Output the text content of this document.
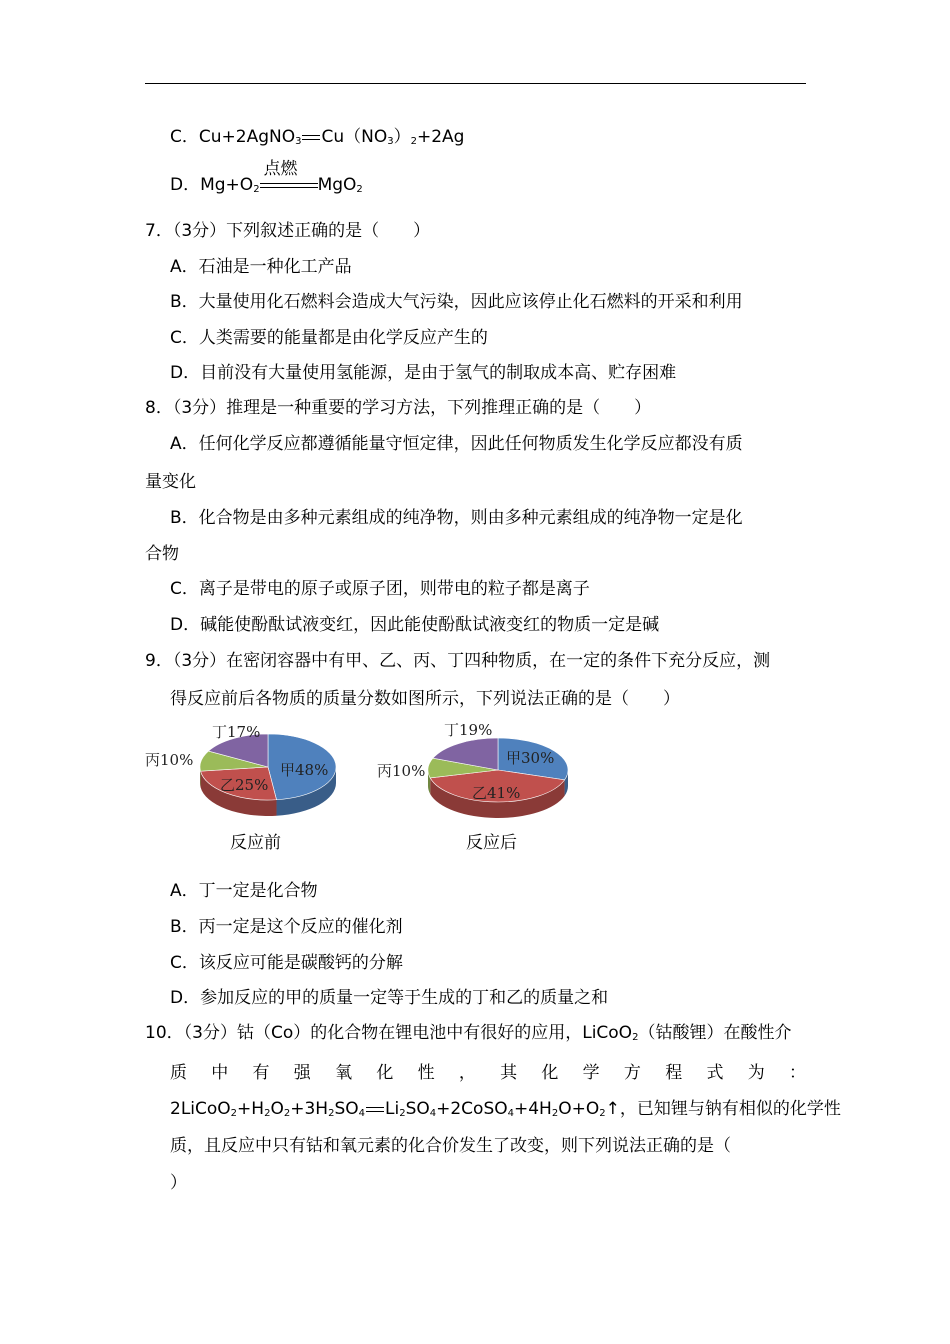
C．Cu+2AgNO$_3$ $Cu(NO_3)_2+2Ag$
D．$Mg+O_2$
点燃
MgO$_2$
7．（3分）下列叙述正确的是（　　）
A．石油是一种化工产品
B．大量使用化石燃料会造成大气污染，因此应该停止化石燃料的开采和利用
C．人类需要的能量都是由化学反应产生的
D．目前没有大量使用氢能源，是由于氢气的制取成本高、贮存困难
8．（3分）推理是一种重要的学习方法，下列推理正确的是（　　）
A．任何化学反应都遵循能量守恒定律，因此任何物质发生化学反应都没有质
量变化
B．化合物是由多种元素组成的纯净物，则由多种元素组成的纯净物一定是化
合物
C．离子是带电的原子或原子团，则带电的粒子都是离子
D．碱能使酚酞试液变红，因此能使酚酞试液变红的物质一定是碱
9．（3分）在密闭容器中有甲、乙、丙、丁四种物质，在一定的条件下充分反应，测
得反应前后各物质的质量分数如图所示，下列说法正确的是（　　）
甲48%
乙25%
丙10%
丁17%
反应前
甲30%
乙41%
丙10%
丁19%
反应后
A．丁一定是化合物
B．丙一定是这个反应的催化剂
C．该反应可能是碳酸钙的分解
D．参加反应的甲的质量一定等于生成的丁和乙的质量之和
10．（3分）钴（Co）的化合物在锂电池中有很好的应用，LiCoO$_2$（钴酸锂）在酸性介
质 中 有 强 氧 化 性 ， 其 化 学 方 程 式 为 ：
$2LiCoO_2+H_2O_2+3H_2SO_4$ $Li_2SO_4+2CoSO_4+4H_2O+O_2↑$，已知锂与钠有相似的化学性
质，且反应中只有钴和氧元素的化合价发生了改变，则下列说法正确的是（
）
